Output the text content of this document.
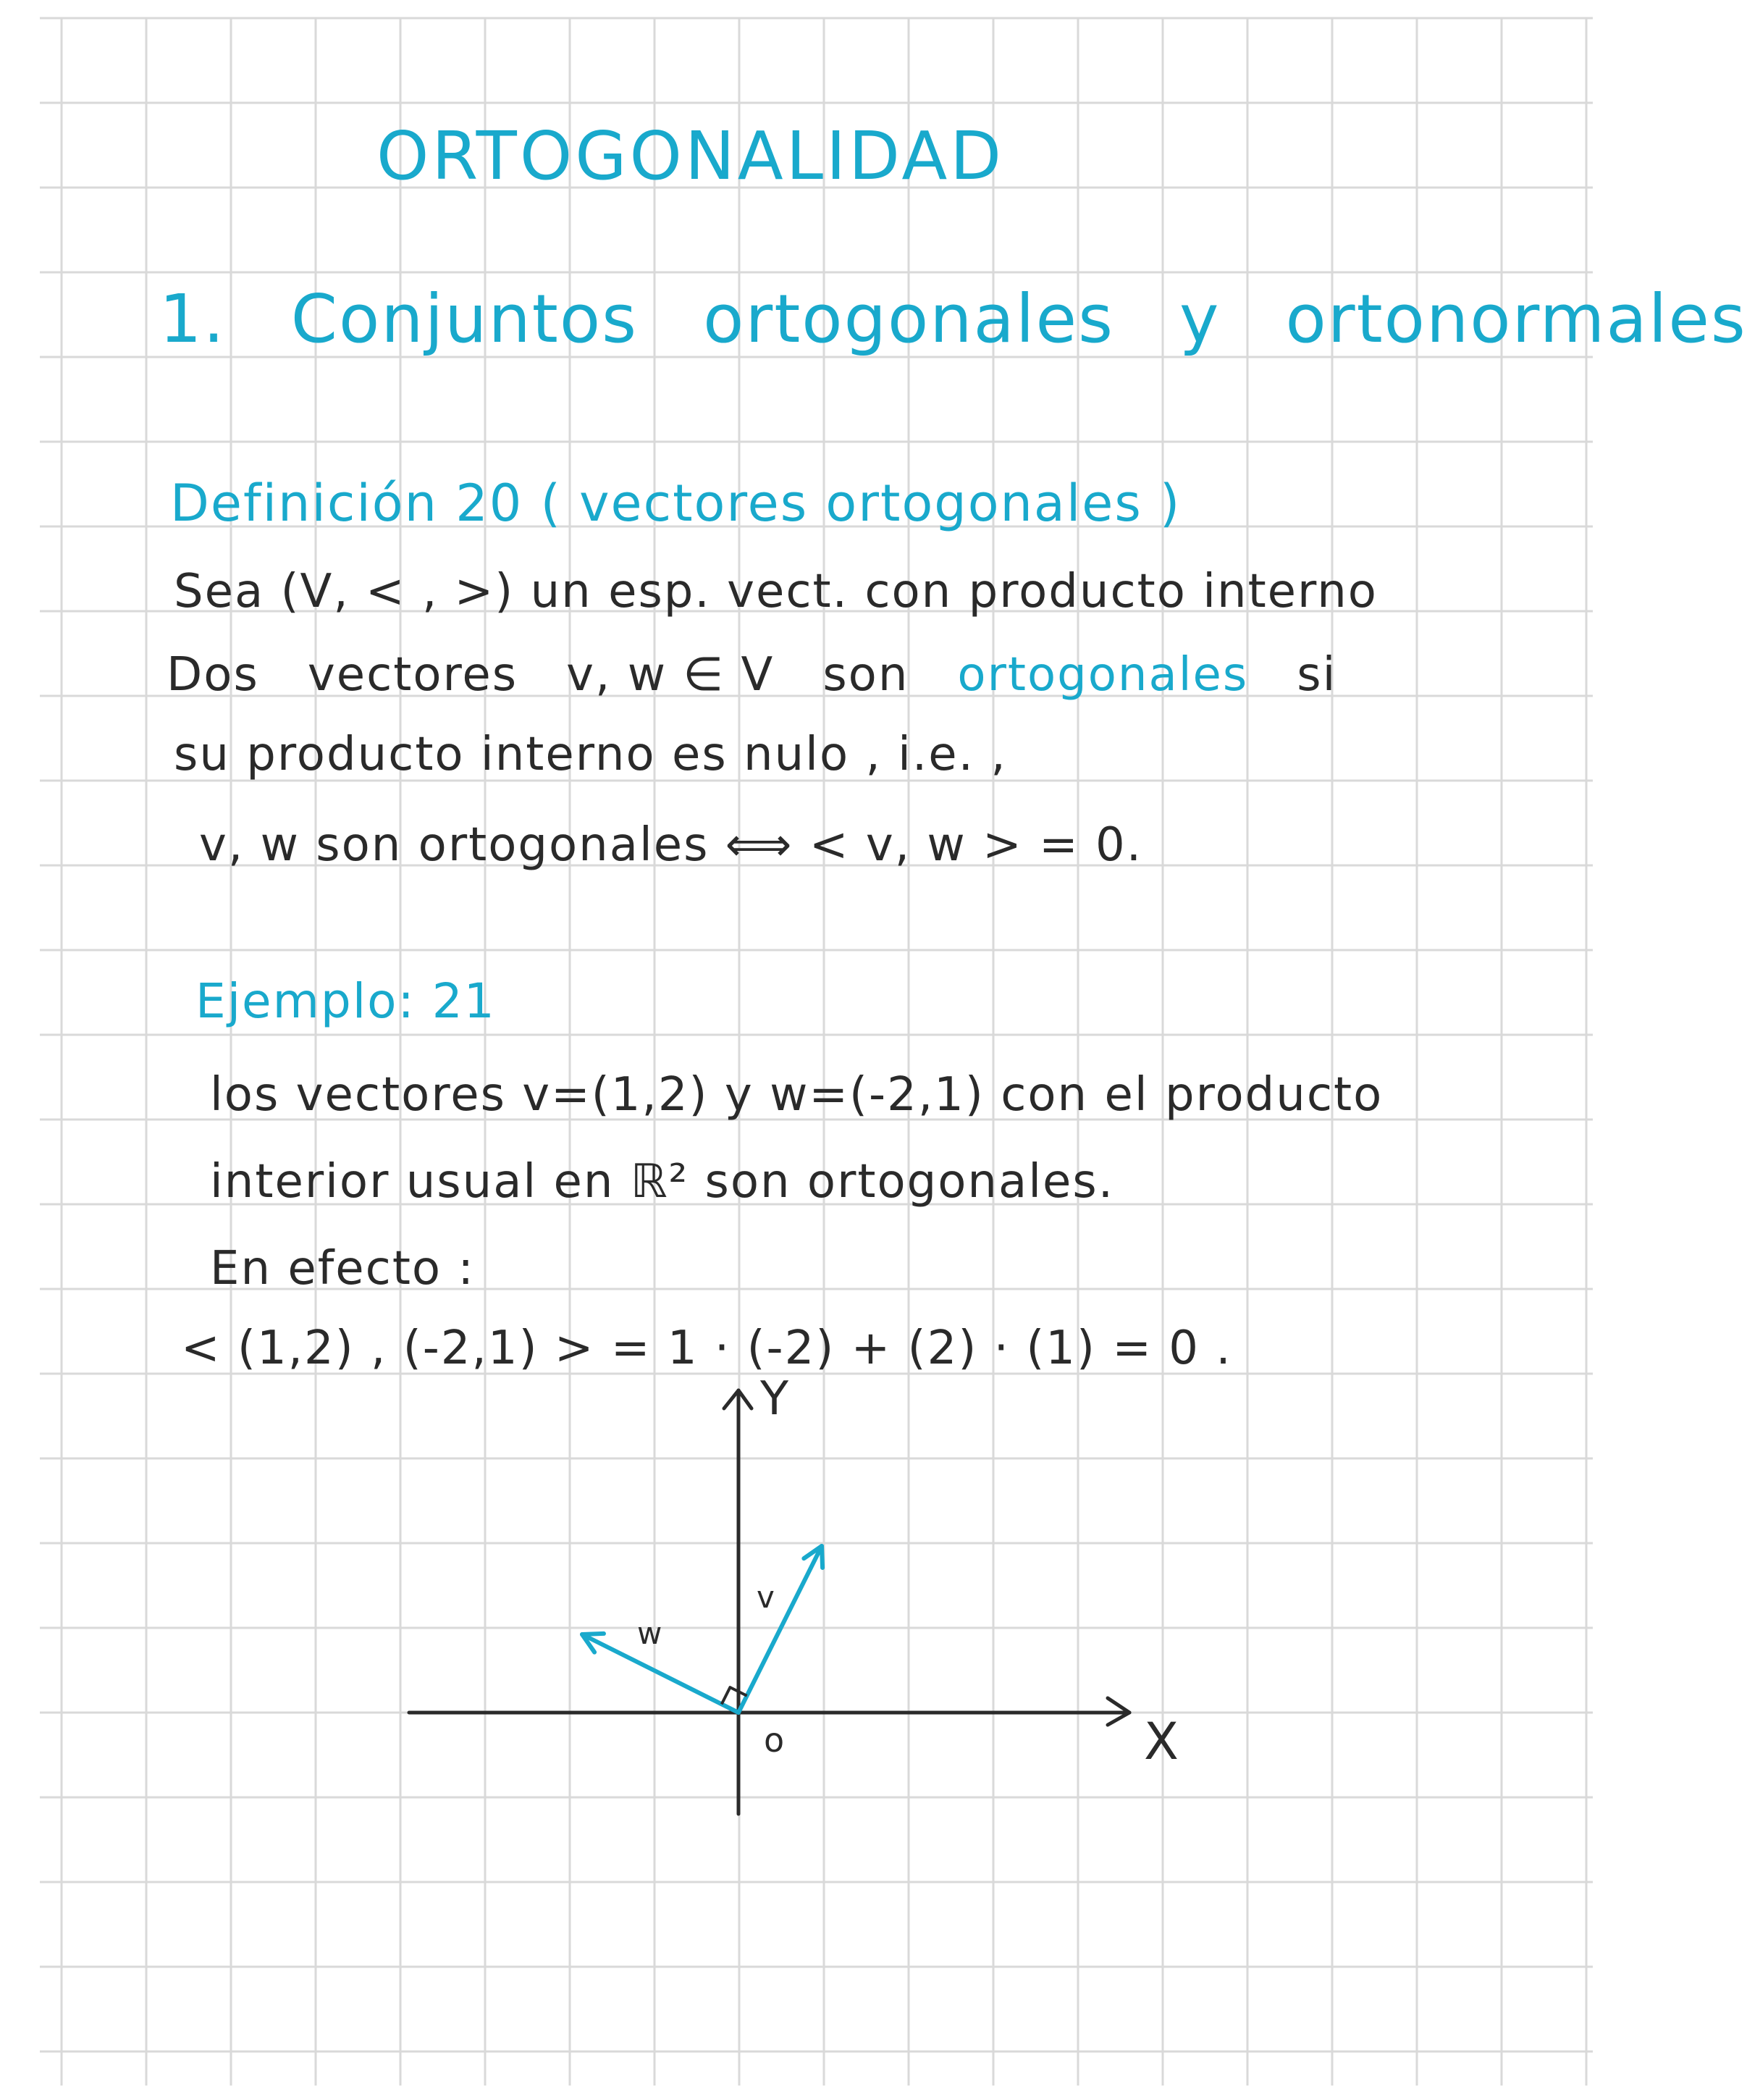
ORTOGONALIDAD
1. Conjuntos ortogonales y ortonormales
Definición 20 ( vectores ortogonales )
Sea (V, < , >) un esp. vect. con producto interno
Dos   vectores   v, w ∈ V   son   ortogonales   si
su producto interno es nulo , i.e. ,
v, w son ortogonales ⟺ < v, w > = 0.
Ejemplo: 21
los vectores v=(1,2) y w=(-2,1) con el producto
interior usual en ℝ² son ortogonales.
En efecto :
< (1,2) , (-2,1) > = 1 · (-2) + (2) · (1) = 0 .
Y
X
o
v
w
